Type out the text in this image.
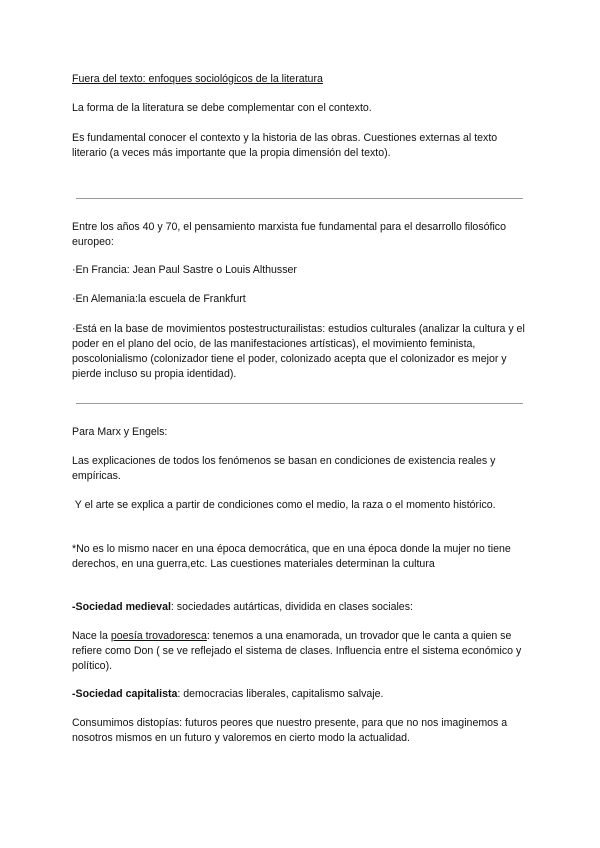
Fuera del texto: enfoques sociológicos de la literatura

La forma de la literatura se debe complementar con el contexto.

Es fundamental conocer el contexto y la historia de las obras. Cuestiones externas al texto literario (a veces más importante que la propia dimensión del texto).

Entre los años 40 y 70, el pensamiento marxista fue fundamental para el desarrollo filosófico europeo:

·En Francia: Jean Paul Sastre o Louis Althusser

·En Alemania:la escuela de Frankfurt

·Está en la base de movimientos postestructurailistas: estudios culturales (analizar la cultura y el poder en el plano del ocio, de las manifestaciones artísticas), el movimiento feminista, poscolonialismo (colonizador tiene el poder, colonizado acepta que el colonizador es mejor y pierde incluso su propia identidad).

Para Marx y Engels:

Las explicaciones de todos los fenómenos se basan en condiciones de existencia reales y empíricas.

Y el arte se explica a partir de condiciones como el medio, la raza o el momento histórico.

*No es lo mismo nacer en una época democrática, que en una época donde la mujer no tiene derechos, en una guerra,etc. Las cuestiones materiales determinan la cultura

-Sociedad medieval: sociedades autárticas, dividida en clases sociales:

Nace la poesía trovadoresca: tenemos a una enamorada, un trovador que le canta a quien se refiere como Don ( se ve reflejado el sistema de clases. Influencia entre el sistema económico y político).

-Sociedad capitalista: democracias liberales, capitalismo salvaje.

Consumimos distopías: futuros peores que nuestro presente, para que no nos imaginemos a nosotros mismos en un futuro y valoremos en cierto modo la actualidad.
